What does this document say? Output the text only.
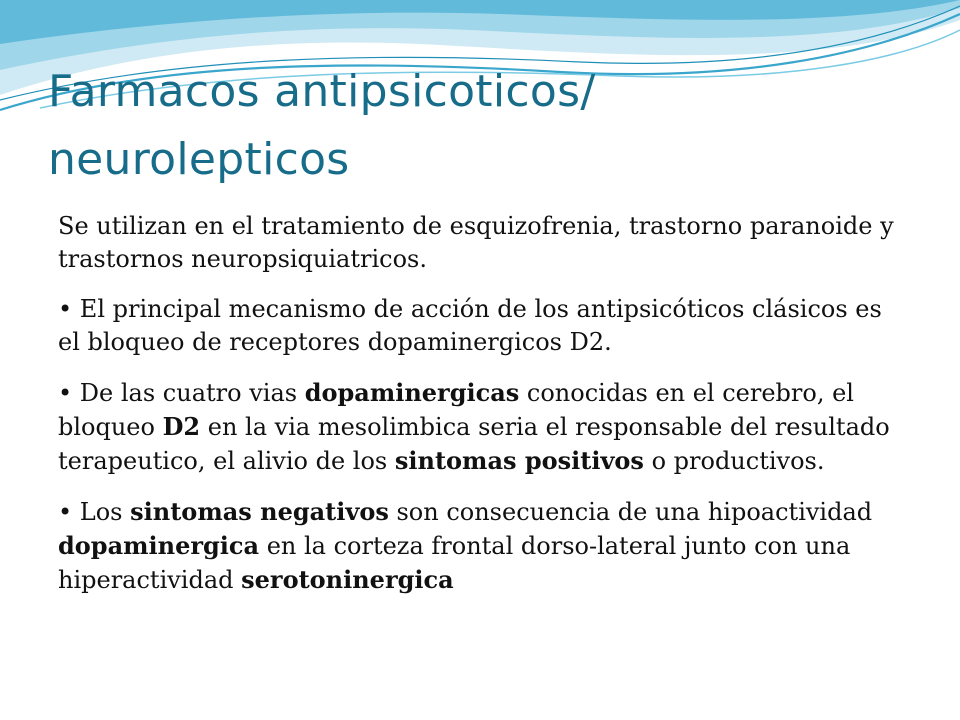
Farmacos antipsicoticos/
neurolepticos

Se utilizan en el tratamiento de esquizofrenia, trastorno paranoide y trastornos neuropsiquiatricos.

• El principal mecanismo de acción de los antipsicóticos clásicos es el bloqueo de receptores dopaminergicos D2.

• De las cuatro vias dopaminergicas conocidas en el cerebro, el bloqueo D2 en la via mesolimbica seria el responsable del resultado terapeutico, el alivio de los sintomas positivos o productivos.

• Los sintomas negativos son consecuencia de una hipoactividad dopaminergica en la corteza frontal dorso-lateral junto con una hiperactividad serotoninergica
